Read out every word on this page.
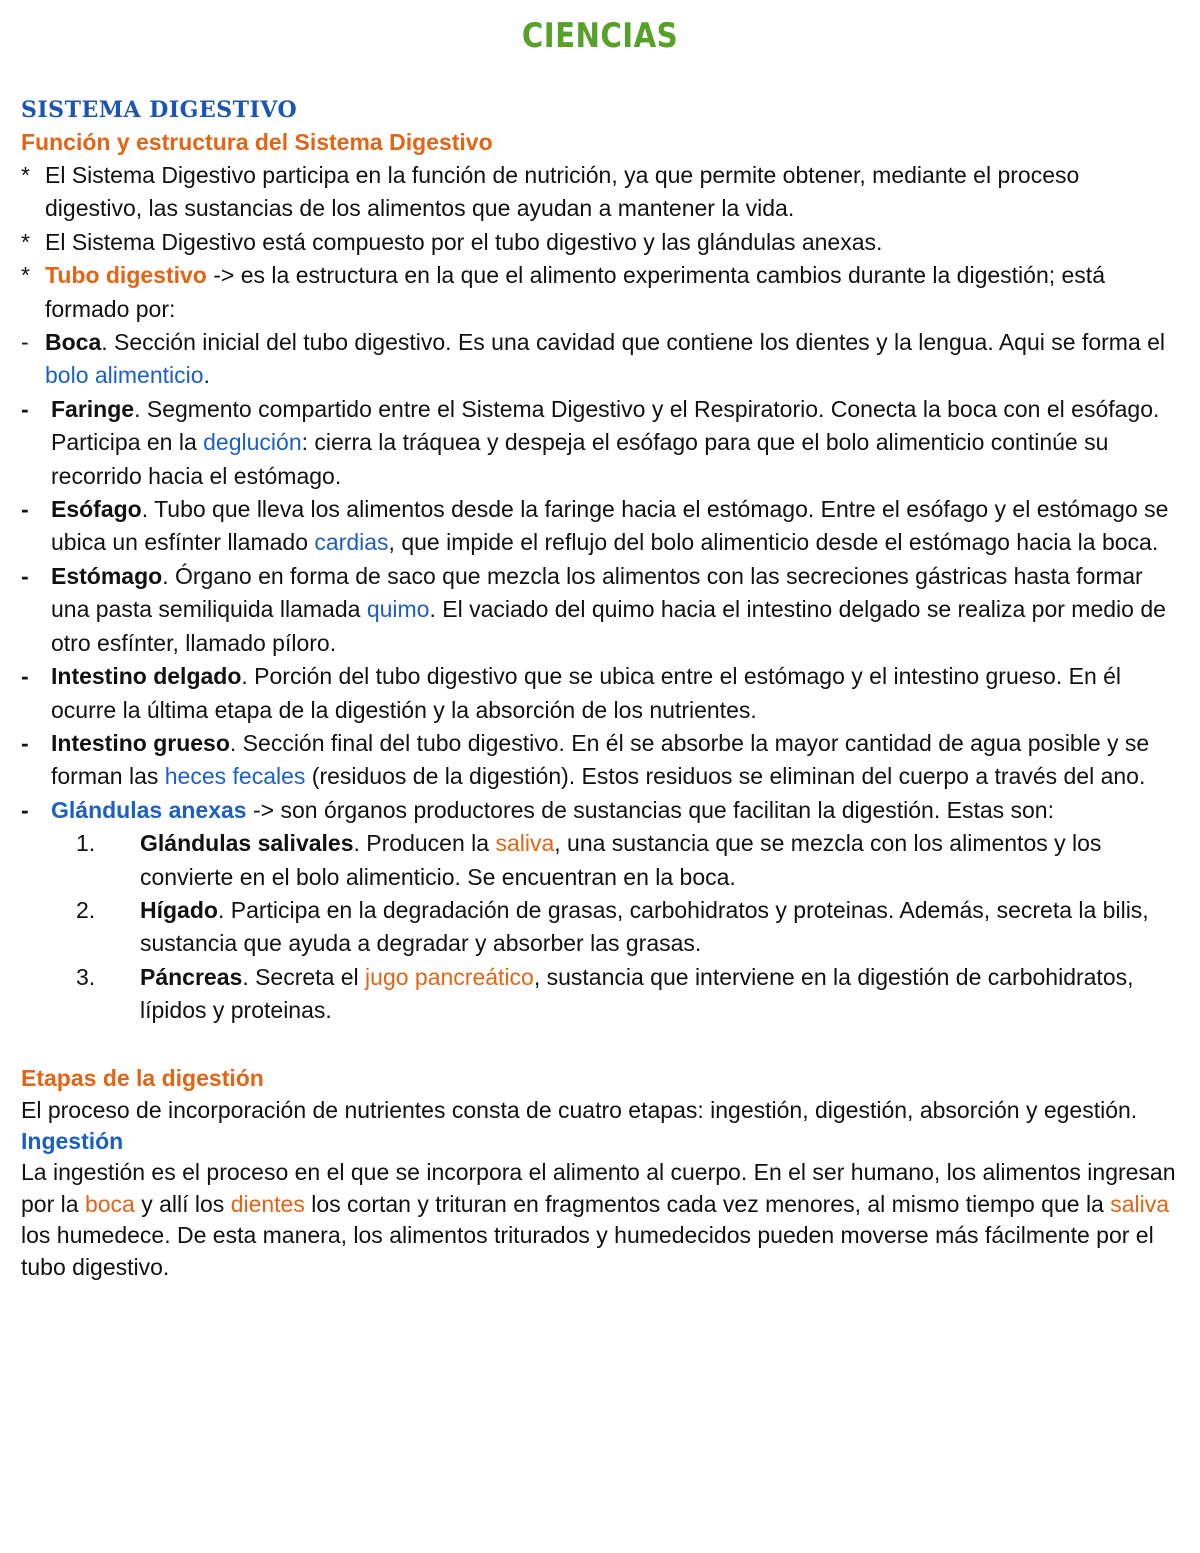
CIENCIAS
SISTEMA DIGESTIVO
Función y estructura del Sistema Digestivo
* El Sistema Digestivo participa en la función de nutrición, ya que permite obtener, mediante el proceso digestivo, las sustancias de los alimentos que ayudan a mantener la vida.
* El Sistema Digestivo está compuesto por el tubo digestivo y las glándulas anexas.
* Tubo digestivo -> es la estructura en la que el alimento experimenta cambios durante la digestión; está formado por:
- Boca. Sección inicial del tubo digestivo. Es una cavidad que contiene los dientes y la lengua. Aqui se forma el bolo alimenticio.
- Faringe. Segmento compartido entre el Sistema Digestivo y el Respiratorio. Conecta la boca con el esófago. Participa en la deglución: cierra la tráquea y despeja el esófago para que el bolo alimenticio continúe su recorrido hacia el estómago.
- Esófago. Tubo que lleva los alimentos desde la faringe hacia el estómago. Entre el esófago y el estómago se ubica un esfínter llamado cardias, que impide el reflujo del bolo alimenticio desde el estómago hacia la boca.
- Estómago. Órgano en forma de saco que mezcla los alimentos con las secreciones gástricas hasta formar una pasta semiliquida llamada quimo. El vaciado del quimo hacia el intestino delgado se realiza por medio de otro esfínter, llamado píloro.
- Intestino delgado. Porción del tubo digestivo que se ubica entre el estómago y el intestino grueso. En él ocurre la última etapa de la digestión y la absorción de los nutrientes.
- Intestino grueso. Sección final del tubo digestivo. En él se absorbe la mayor cantidad de agua posible y se forman las heces fecales (residuos de la digestión). Estos residuos se eliminan del cuerpo a través del ano.
- Glándulas anexas -> son órganos productores de sustancias que facilitan la digestión. Estas son:
1.	Glándulas salivales. Producen la saliva, una sustancia que se mezcla con los alimentos y los convierte en el bolo alimenticio. Se encuentran en la boca.
2.	Hígado. Participa en la degradación de grasas, carbohidratos y proteinas. Además, secreta la bilis, sustancia que ayuda a degradar y absorber las grasas.
3.	Páncreas. Secreta el jugo pancreático, sustancia que interviene en la digestión de carbohidratos, lípidos y proteinas.
Etapas de la digestión
El proceso de incorporación de nutrientes consta de cuatro etapas: ingestión, digestión, absorción y egestión.
Ingestión
La ingestión es el proceso en el que se incorpora el alimento al cuerpo. En el ser humano, los alimentos ingresan por la boca y allí los dientes los cortan y trituran en fragmentos cada vez menores, al mismo tiempo que la saliva los humedece. De esta manera, los alimentos triturados y humedecidos pueden moverse más fácilmente por el tubo digestivo.
